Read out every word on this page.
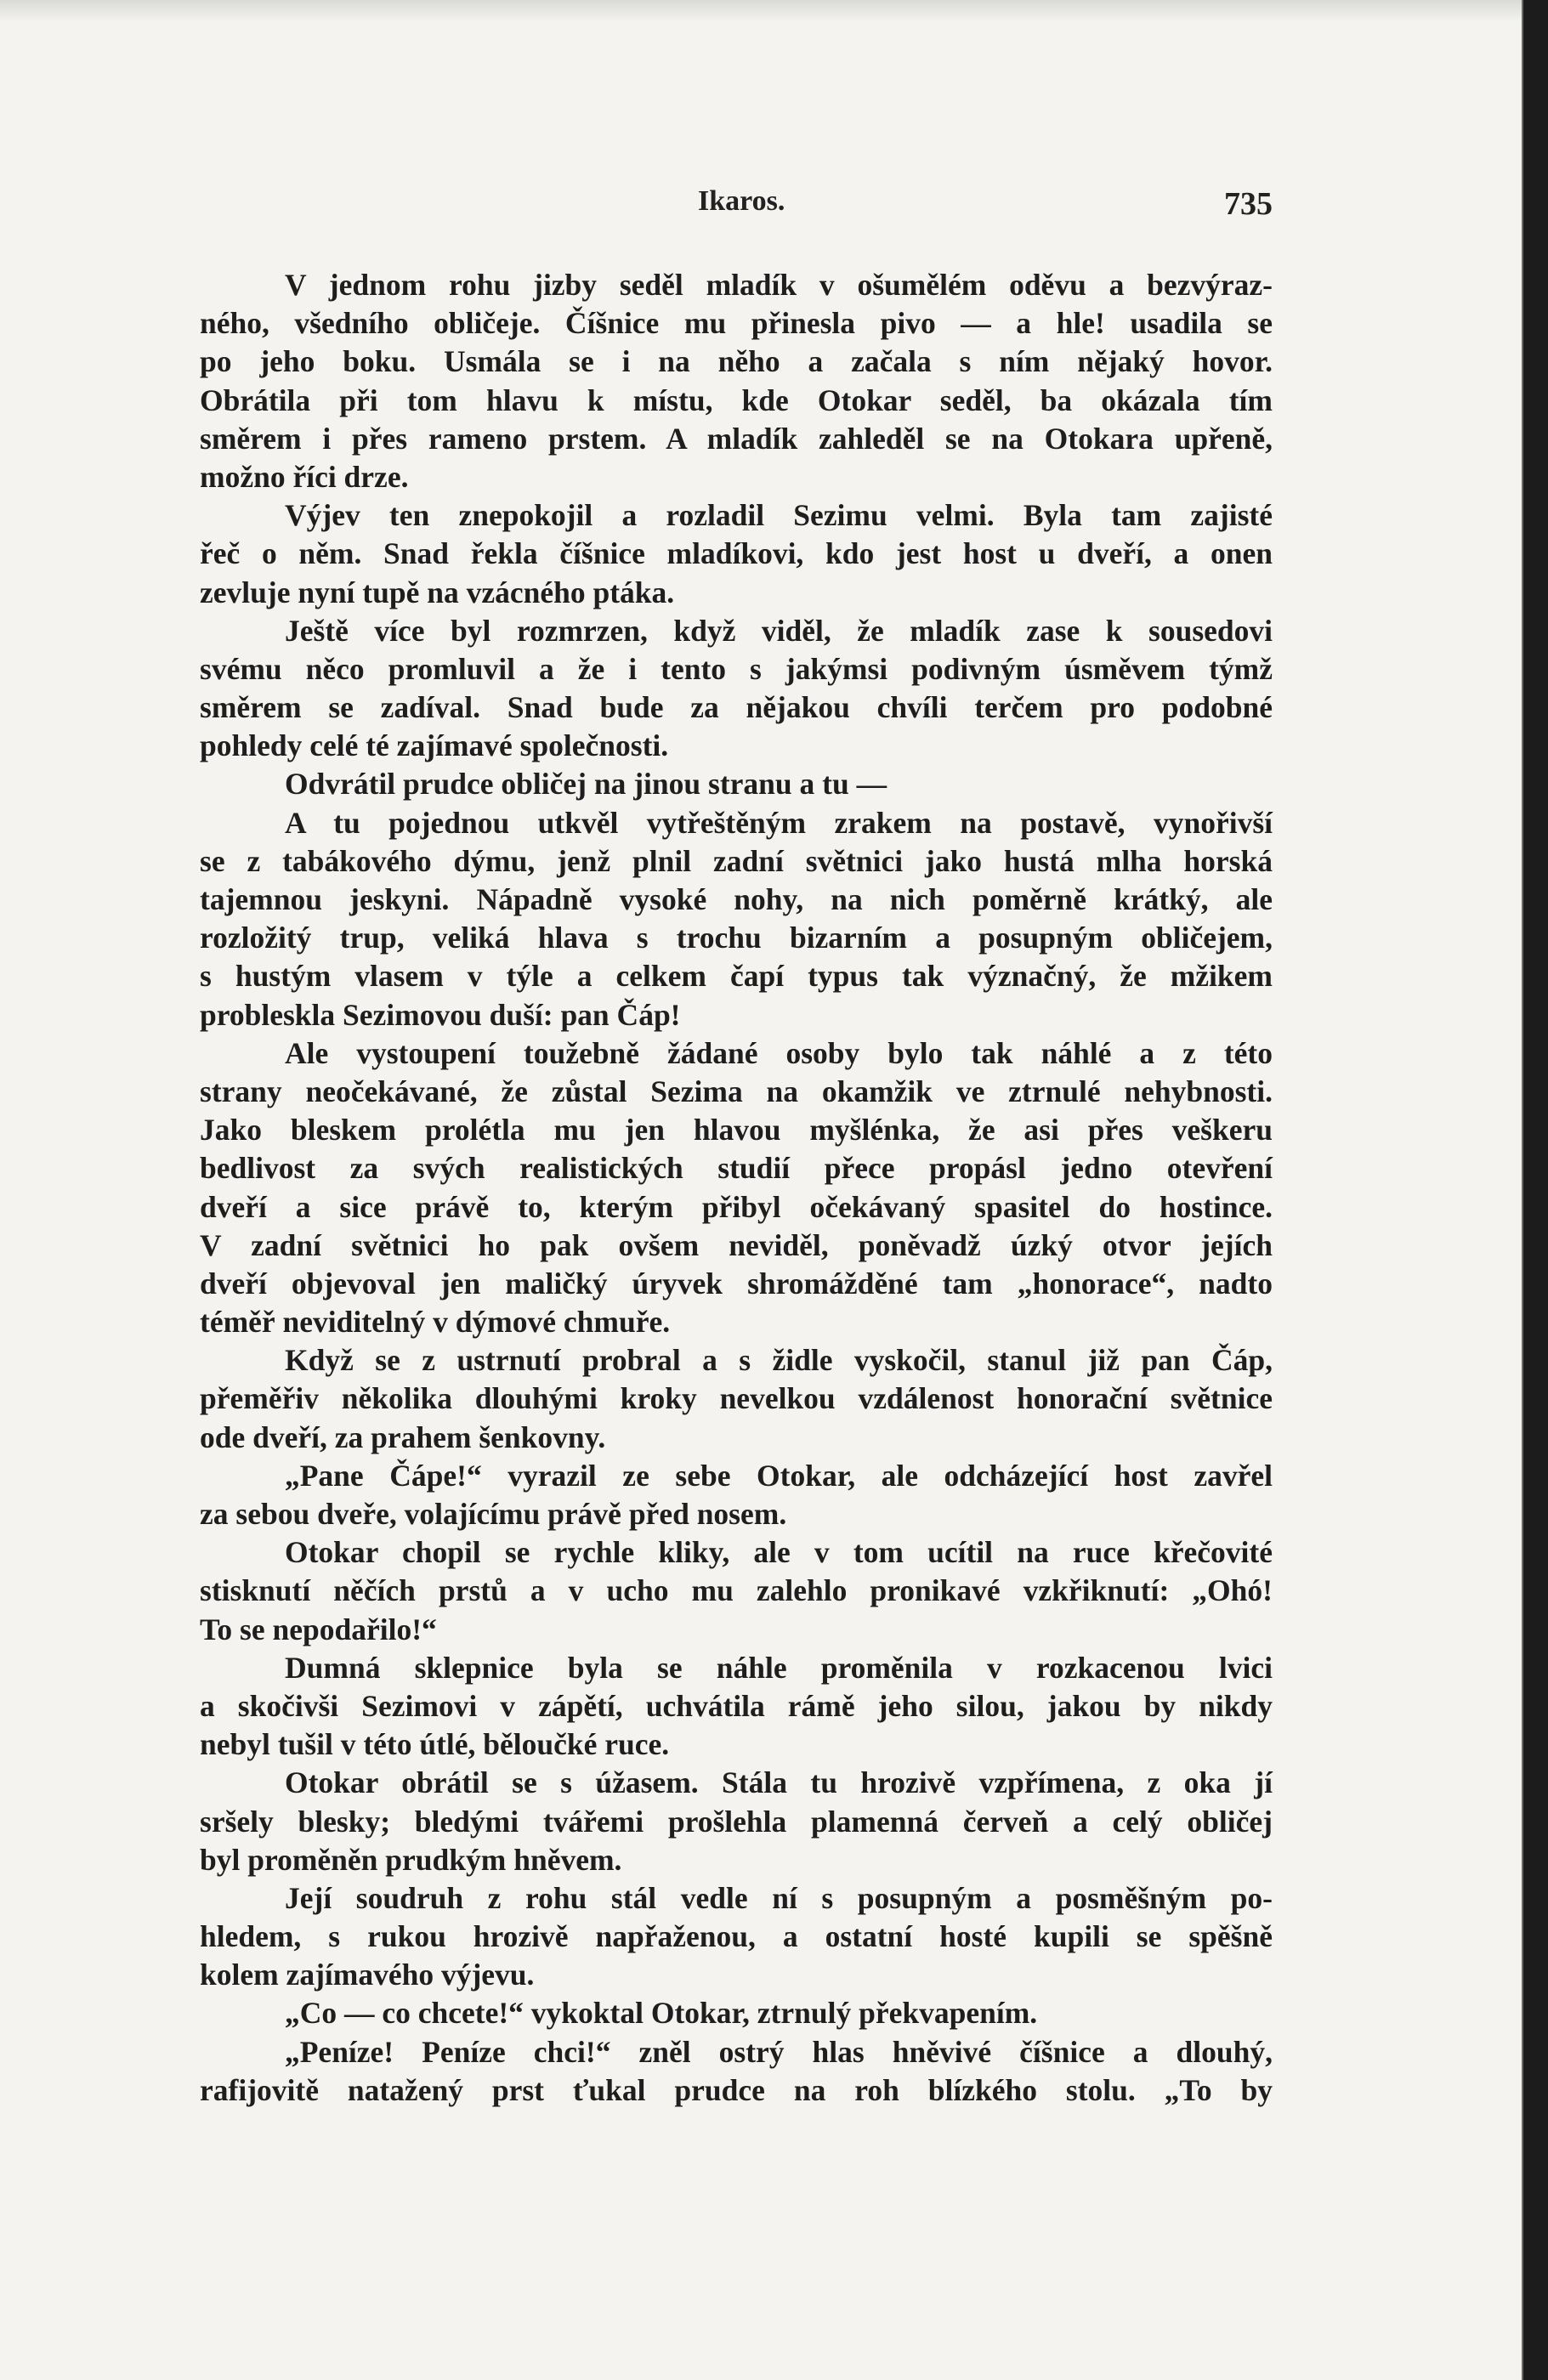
Ikaros.	735
V jednom rohu jizby seděl mladík v ošumělém oděvu a bezvýraz-
ného, všedního obličeje. Číšnice mu přinesla pivo — a hle! usadila se
po jeho boku. Usmála se i na něho a začala s ním nějaký hovor.
Obrátila při tom hlavu k místu, kde Otokar seděl, ba okázala tím
směrem i přes rameno prstem. A mladík zahleděl se na Otokara upřeně,
možno říci drze.
Výjev ten znepokojil a rozladil Sezimu velmi. Byla tam zajisté
řeč o něm. Snad řekla číšnice mladíkovi, kdo jest host u dveří, a onen
zevluje nyní tupě na vzácného ptáka.
Ještě více byl rozmrzen, když viděl, že mladík zase k sousedovi
svému něco promluvil a že i tento s jakýmsi podivným úsměvem týmž
směrem se zadíval. Snad bude za nějakou chvíli terčem pro podobné
pohledy celé té zajímavé společnosti.
Odvrátil prudce obličej na jinou stranu a tu —
A tu pojednou utkvěl vytřeštěným zrakem na postavě, vynořivší
se z tabákového dýmu, jenž plnil zadní světnici jako hustá mlha horská
tajemnou jeskyni. Nápadně vysoké nohy, na nich poměrně krátký, ale
rozložitý trup, veliká hlava s trochu bizarním a posupným obličejem,
s hustým vlasem v týle a celkem čapí typus tak význačný, že mžikem
probleskla Sezimovou duší: pan Čáp!
Ale vystoupení toužebně žádané osoby bylo tak náhlé a z této
strany neočekávané, že zůstal Sezima na okamžik ve ztrnulé nehybnosti.
Jako bleskem prolétla mu jen hlavou myšlénka, že asi přes veškeru
bedlivost za svých realistických studií přece propásl jedno otevření
dveří a sice právě to, kterým přibyl očekávaný spasitel do hostince.
V zadní světnici ho pak ovšem neviděl, poněvadž úzký otvor jejích
dveří objevoval jen maličký úryvek shromážděné tam „honorace“, nadto
téměř neviditelný v dýmové chmuře.
Když se z ustrnutí probral a s židle vyskočil, stanul již pan Čáp,
přeměřiv několika dlouhými kroky nevelkou vzdálenost honorační světnice
ode dveří, za prahem šenkovny.
„Pane Čápe!“ vyrazil ze sebe Otokar, ale odcházející host zavřel
za sebou dveře, volajícímu právě před nosem.
Otokar chopil se rychle kliky, ale v tom ucítil na ruce křečovité
stisknutí něčích prstů a v ucho mu zalehlo pronikavé vzkřiknutí: „Ohó!
To se nepodařilo!“
Dumná sklepnice byla se náhle proměnila v rozkacenou lvici
a skočivši Sezimovi v zápětí, uchvátila rámě jeho silou, jakou by nikdy
nebyl tušil v této útlé, běloučké ruce.
Otokar obrátil se s úžasem. Stála tu hrozivě vzpřímena, z oka jí
sršely blesky; bledými tvářemi prošlehla plamenná červeň a celý obličej
byl proměněn prudkým hněvem.
Její soudruh z rohu stál vedle ní s posupným a posměšným po-
hledem, s rukou hrozivě napřaženou, a ostatní hosté kupili se spěšně
kolem zajímavého výjevu.
„Co — co chcete!“ vykoktal Otokar, ztrnulý překvapením.
„Peníze! Peníze chci!“ zněl ostrý hlas hněvivé číšnice a dlouhý,
rafijovitě natažený prst ťukal prudce na roh blízkého stolu. „To by
